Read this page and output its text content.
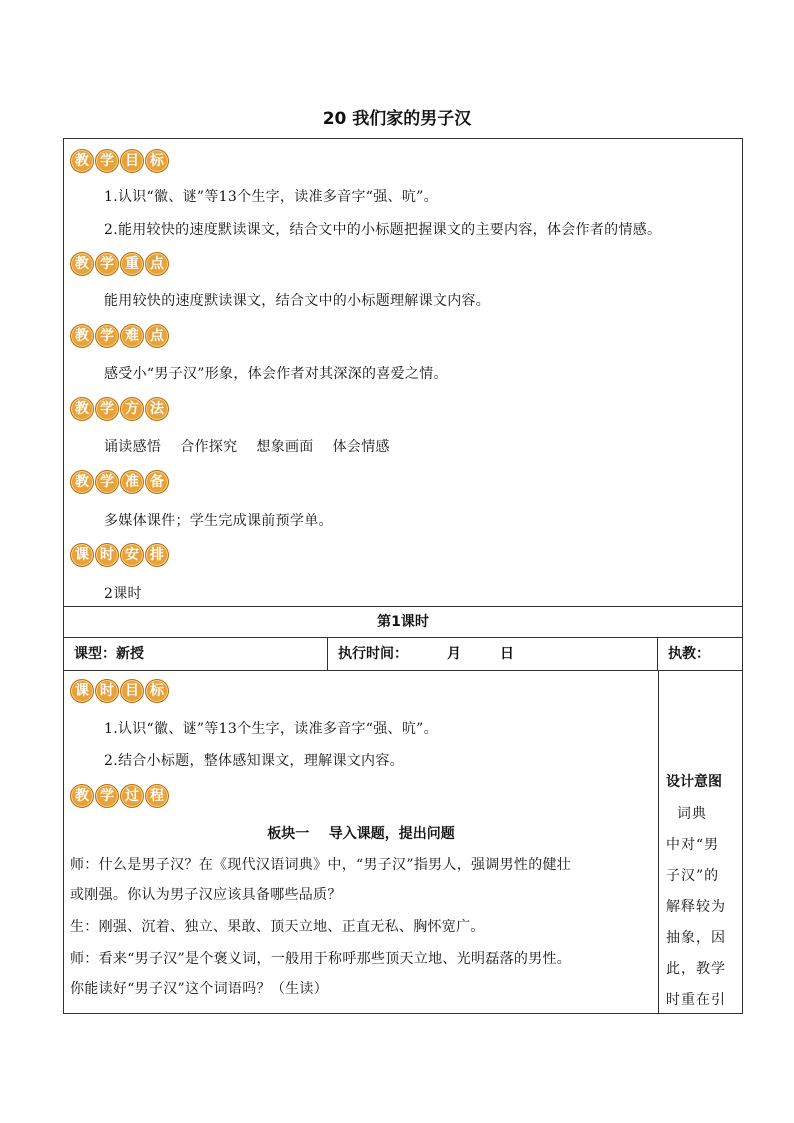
20 我们家的男子汉
教 学 目 标
1.认识“徽、谜”等13个生字，读准多音字“强、吭”。
2.能用较快的速度默读课文，结合文中的小标题把握课文的主要内容，体会作者的情感。
教 学 重 点
能用较快的速度默读课文，结合文中的小标题理解课文内容。
教 学 难 点
感受小“男子汉”形象，体会作者对其深深的喜爱之情。
教 学 方 法
诵读感悟    合作探究    想象画面    体会情感
教 学 准 备
多媒体课件；学生完成课前预学单。
课 时 安 排
2课时
第1课时
课型：新授	执行时间：        月        日	执教：
课 时 目 标
1.认识“徽、谜”等13个生字，读准多音字“强、吭”。
2.结合小标题，整体感知课文，理解课文内容。
教 学 过 程
板块一    导入课题，提出问题
师：什么是男子汉？在《现代汉语词典》中，“男子汉”指男人，强调男性的健壮
或刚强。你认为男子汉应该具备哪些品质？
生：刚强、沉着、独立、果敢、顶天立地、正直无私、胸怀宽广。
师：看来“男子汉”是个褒义词，一般用于称呼那些顶天立地、光明磊落的男性。
你能读好“男子汉”这个词语吗？（生读）
设计意图
词典
中对“男
子汉”的
解释较为
抽象，因
此，教学
时重在引
